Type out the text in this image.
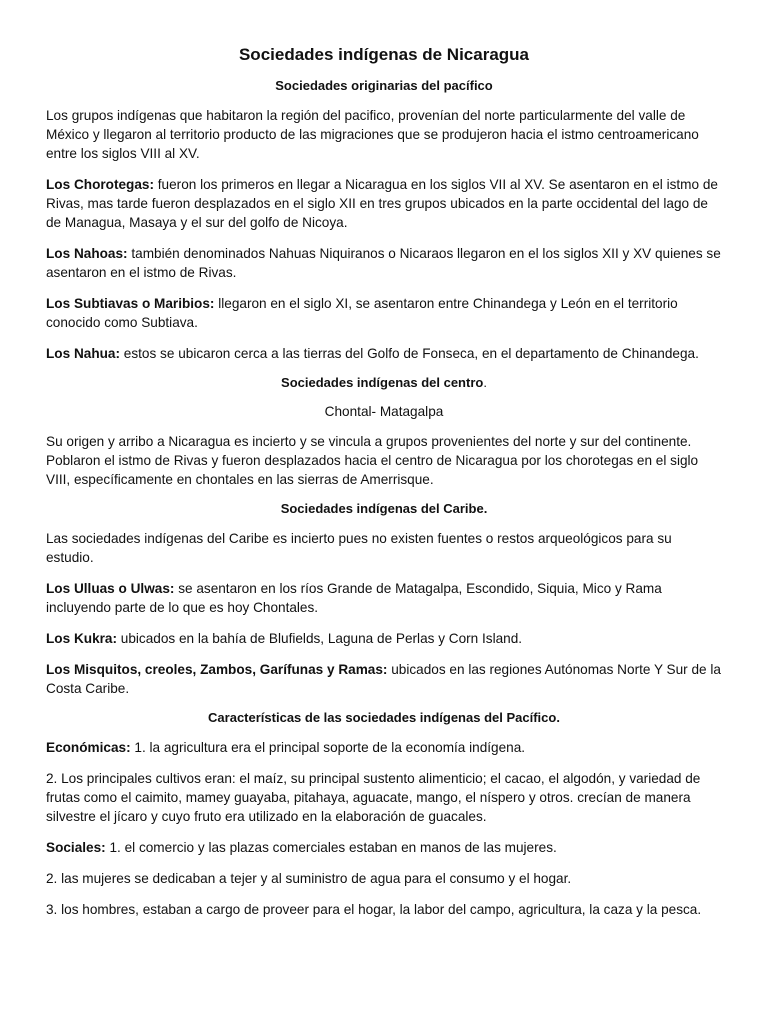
Sociedades indígenas de Nicaragua
Sociedades originarias del pacífico

Los grupos indígenas que habitaron la región del pacifico, provenían del norte particularmente del valle de México y llegaron al territorio producto de las migraciones que se produjeron hacia el istmo centroamericano entre los siglos VIII al XV.

Los Chorotegas: fueron los primeros en llegar a Nicaragua en los siglos VII al XV. Se asentaron en el istmo de Rivas, mas tarde fueron desplazados en el siglo XII en tres grupos ubicados en la parte occidental del lago de de Managua, Masaya y el sur del golfo de Nicoya.

Los Nahoas: también denominados Nahuas Niquiranos o Nicaraos llegaron en el los siglos XII y XV quienes se asentaron en el istmo de Rivas.

Los Subtiavas o Maribios: llegaron en el siglo XI, se asentaron entre Chinandega y León en el territorio conocido como Subtiava.

Los Nahua: estos se ubicaron cerca a las tierras del Golfo de Fonseca, en el departamento de Chinandega.

Sociedades indígenas del centro.
Chontal- Matagalpa

Su origen y arribo a Nicaragua es incierto y se vincula a grupos provenientes del norte y sur del continente. Poblaron el istmo de Rivas y fueron desplazados hacia el centro de Nicaragua por los chorotegas en el siglo VIII, específicamente en chontales en las sierras de Amerrisque.

Sociedades indígenas del Caribe.

Las sociedades indígenas del Caribe es incierto pues no existen fuentes o restos arqueológicos para su estudio.

Los Ulluas o Ulwas: se asentaron en los ríos Grande de Matagalpa, Escondido, Siquia, Mico y Rama incluyendo parte de lo que es hoy Chontales.

Los Kukra: ubicados en la bahía de Blufields, Laguna de Perlas y Corn Island.

Los Misquitos, creoles, Zambos, Garífunas y Ramas: ubicados en las regiones Autónomas Norte Y Sur de la Costa Caribe.

Características de las sociedades indígenas del Pacífico.

Económicas: 1. la agricultura era el principal soporte de la economía indígena.

2. Los principales cultivos eran: el maíz, su principal sustento alimenticio; el cacao, el algodón, y variedad de frutas como el caimito, mamey guayaba, pitahaya, aguacate, mango, el níspero y otros. crecían de manera silvestre el jícaro y cuyo fruto era utilizado en la elaboración de guacales.

Sociales: 1. el comercio y las plazas comerciales estaban en manos de las mujeres.

2. las mujeres se dedicaban a tejer y al suministro de agua para el consumo y el hogar.

3. los hombres, estaban a cargo de proveer para el hogar, la labor del campo, agricultura, la caza y la pesca.
